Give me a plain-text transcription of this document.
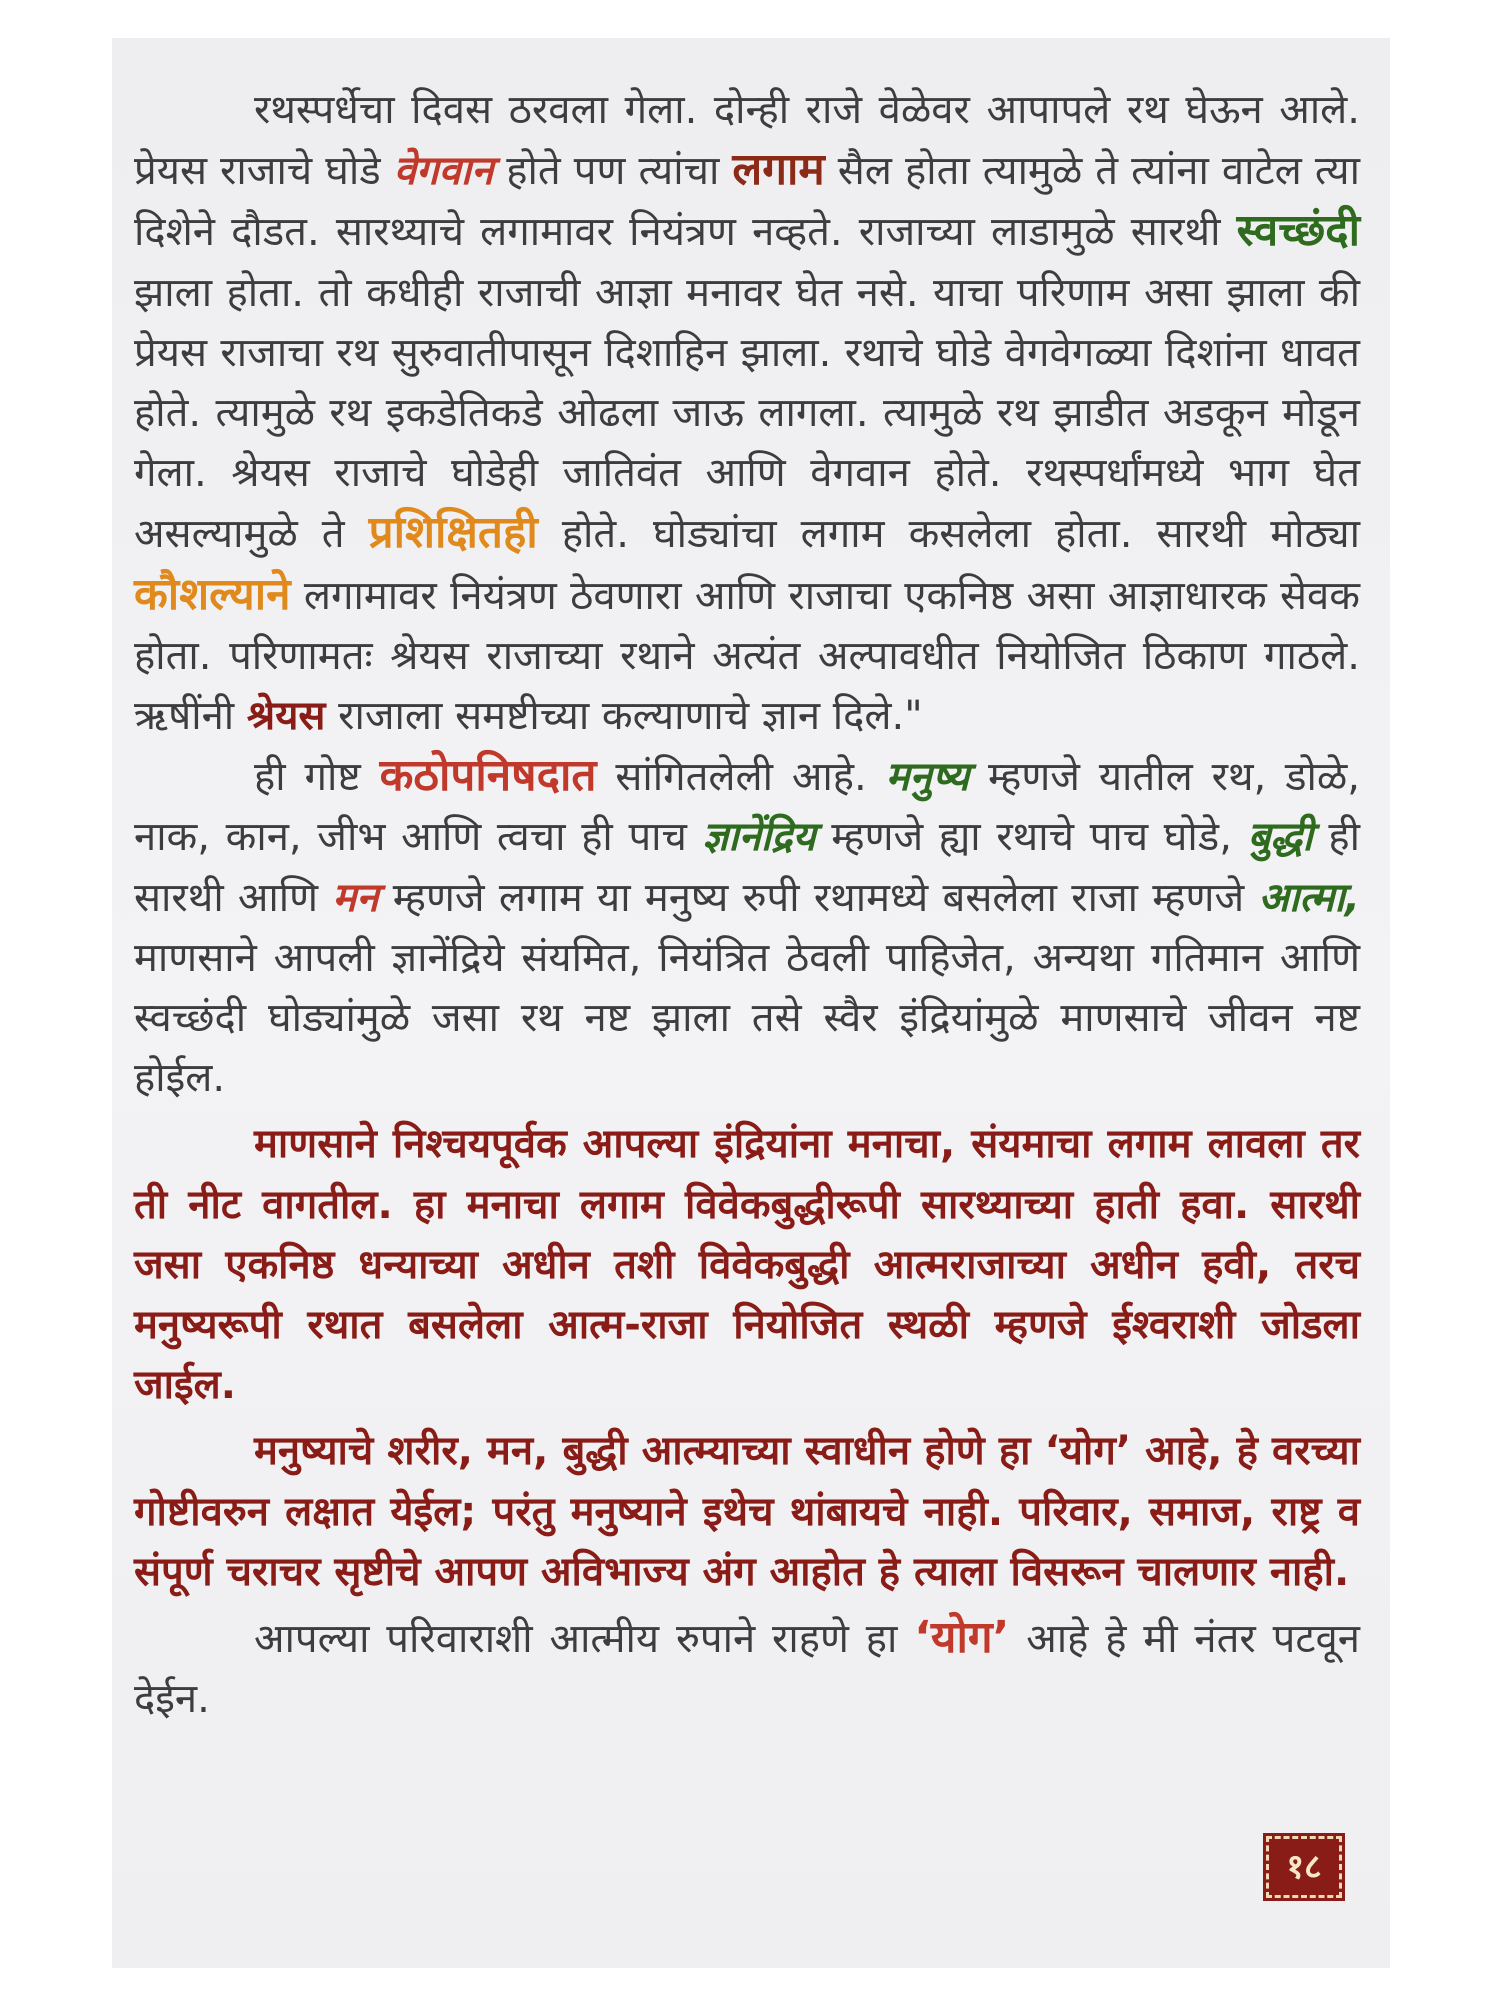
रथस्पर्धेचा दिवस ठरवला गेला. दोन्ही राजे वेळेवर आपापले रथ घेऊन आले. प्रेयस राजाचे घोडे वेगवान होते पण त्यांचा लगाम सैल होता त्यामुळे ते त्यांना वाटेल त्या दिशेने दौडत. सारथ्याचे लगामावर नियंत्रण नव्हते. राजाच्या लाडामुळे सारथी स्वच्छंदी झाला होता. तो कधीही राजाची आज्ञा मनावर घेत नसे. याचा परिणाम असा झाला की प्रेयस राजाचा रथ सुरुवातीपासून दिशाहिन झाला. रथाचे घोडे वेगवेगळ्या दिशांना धावत होते. त्यामुळे रथ इकडेतिकडे ओढला जाऊ लागला. त्यामुळे रथ झाडीत अडकून मोडून गेला. श्रेयस राजाचे घोडेही जातिवंत आणि वेगवान होते. रथस्पर्धांमध्ये भाग घेत असल्यामुळे ते प्रशिक्षितही होते. घोड्यांचा लगाम कसलेला होता. सारथी मोठ्या कौशल्याने लगामावर नियंत्रण ठेवणारा आणि राजाचा एकनिष्ठ असा आज्ञाधारक सेवक होता. परिणामतः श्रेयस राजाच्या रथाने अत्यंत अल्पावधीत नियोजित ठिकाण गाठले. ऋषींनी श्रेयस राजाला समष्टीच्या कल्याणाचे ज्ञान दिले."

ही गोष्ट कठोपनिषदात सांगितलेली आहे. मनुष्य म्हणजे यातील रथ, डोळे, नाक, कान, जीभ आणि त्वचा ही पाच ज्ञानेंद्रिय म्हणजे ह्या रथाचे पाच घोडे, बुद्धी ही सारथी आणि मन म्हणजे लगाम या मनुष्य रुपी रथामध्ये बसलेला राजा म्हणजे आत्मा, माणसाने आपली ज्ञानेंद्रिये संयमित, नियंत्रित ठेवली पाहिजेत, अन्यथा गतिमान आणि स्वच्छंदी घोड्यांमुळे जसा रथ नष्ट झाला तसे स्वैर इंद्रियांमुळे माणसाचे जीवन नष्ट होईल.

माणसाने निश्चयपूर्वक आपल्या इंद्रियांना मनाचा, संयमाचा लगाम लावला तर ती नीट वागतील. हा मनाचा लगाम विवेकबुद्धीरूपी सारथ्याच्या हाती हवा. सारथी जसा एकनिष्ठ धन्याच्या अधीन तशी विवेकबुद्धी आत्मराजाच्या अधीन हवी, तरच मनुष्यरूपी रथात बसलेला आत्म-राजा नियोजित स्थळी म्हणजे ईश्वराशी जोडला जाईल.

मनुष्याचे शरीर, मन, बुद्धी आत्म्याच्या स्वाधीन होणे हा ‘योग’ आहे, हे वरच्या गोष्टीवरुन लक्षात येईल; परंतु मनुष्याने इथेच थांबायचे नाही. परिवार, समाज, राष्ट्र व संपूर्ण चराचर सृष्टीचे आपण अविभाज्य अंग आहोत हे त्याला विसरून चालणार नाही.

आपल्या परिवाराशी आत्मीय रुपाने राहणे हा ‘योग’ आहे हे मी नंतर पटवून देईन.

१८
